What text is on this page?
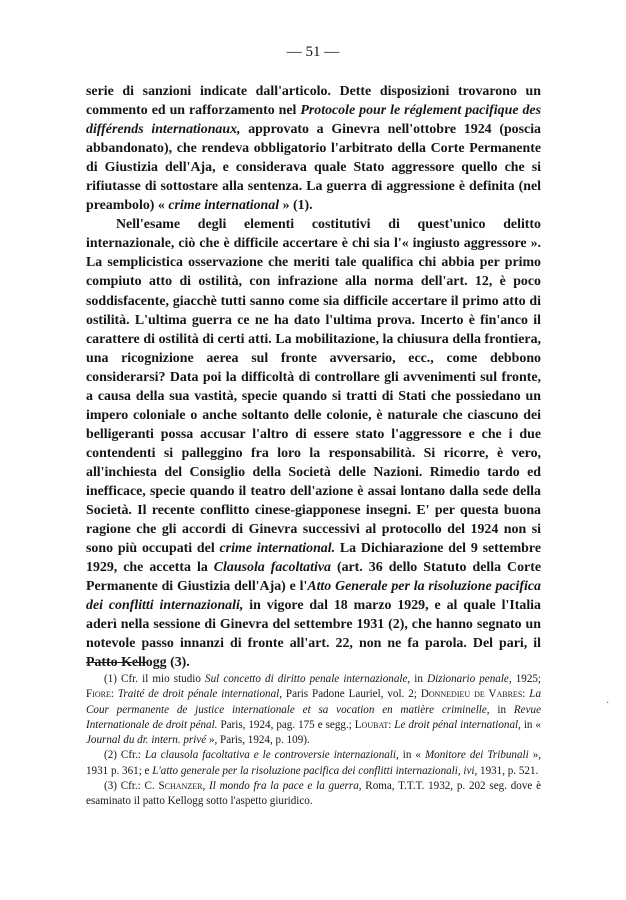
— 51 —

serie di sanzioni indicate dall'articolo. Dette disposizioni trovarono un commento ed un rafforzamento nel Protocole pour le réglement pacifique des différends internationaux, approvato a Ginevra nell'ottobre 1924 (poscia abbandonato), che rendeva obbligatorio l'arbitrato della Corte Permanente di Giustizia dell'Aja, e considerava quale Stato aggressore quello che si rifiutasse di sottostare alla sentenza. La guerra di aggressione è definita (nel preambolo) « crime international » (1).

Nell'esame degli elementi costitutivi di quest'unico delitto internazionale, ciò che è difficile accertare è chi sia l'« ingiusto aggressore ». La semplicistica osservazione che meriti tale qualifica chi abbia per primo compiuto atto di ostilità, con infrazione alla norma dell'art. 12, è poco soddisfacente, giacchè tutti sanno come sia difficile accertare il primo atto di ostilità. L'ultima guerra ce ne ha dato l'ultima prova. Incerto è fin'anco il carattere di ostilità di certi atti. La mobilitazione, la chiusura della frontiera, una ricognizione aerea sul fronte avversario, ecc., come debbono considerarsi? Data poi la difficoltà di controllare gli avvenimenti sul fronte, a causa della sua vastità, specie quando si tratti di Stati che possiedano un impero coloniale o anche soltanto delle colonie, è naturale che ciascuno dei belligeranti possa accusar l'altro di essere stato l'aggressore e che i due contendenti si palleggino fra loro la responsabilità. Si ricorre, è vero, all'inchiesta del Consiglio della Società delle Nazioni. Rimedio tardo ed inefficace, specie quando il teatro dell'azione è assai lontano dalla sede della Società. Il recente conflitto cinese-giapponese insegni. E' per questa buona ragione che gli accordi di Ginevra successivi al protocollo del 1924 non si sono più occupati del crime international. La Dichiarazione del 9 settembre 1929, che accetta la Clausola facoltativa (art. 36 dello Statuto della Corte Permanente di Giustizia dell'Aja) e l'Atto Generale per la risoluzione pacifica dei conflitti internazionali, in vigore dal 18 marzo 1929, e al quale l'Italia aderì nella sessione di Ginevra del settembre 1931 (2), che hanno segnato un notevole passo innanzi di fronte all'art. 22, non ne fa parola. Del pari, il Patto Kellogg (3).

(1) Cfr. il mio studio Sul concetto di diritto penale internazionale, in Dizionario penale, 1925; Fiore: Traité de droit pénale international, Paris Padone Lauriel, vol. 2; Donnedieu de Vabres: La Cour permanente de justice internationale et sa vocation en matière criminelle, in Revue Internationale de droit pénal. Paris, 1924, pag. 175 e segg.; Loubat: Le droit pénal international, in « Journal du dr. intern. privé », Paris, 1924, p. 109).

(2) Cfr.: La clausola facoltativa e le controversie internazionali, in « Monitore dei Tribunali », 1931 p. 361; e L'atto generale per la risoluzione pacifica dei conflitti internazionali, ivi, 1931, p. 521.

(3) Cfr.: C. Schanzer, Il mondo fra la pace e la guerra, Roma, T.T.T. 1932, p. 202 seg. dove è esaminato il patto Kellogg sotto l'aspetto giuridico.

·
